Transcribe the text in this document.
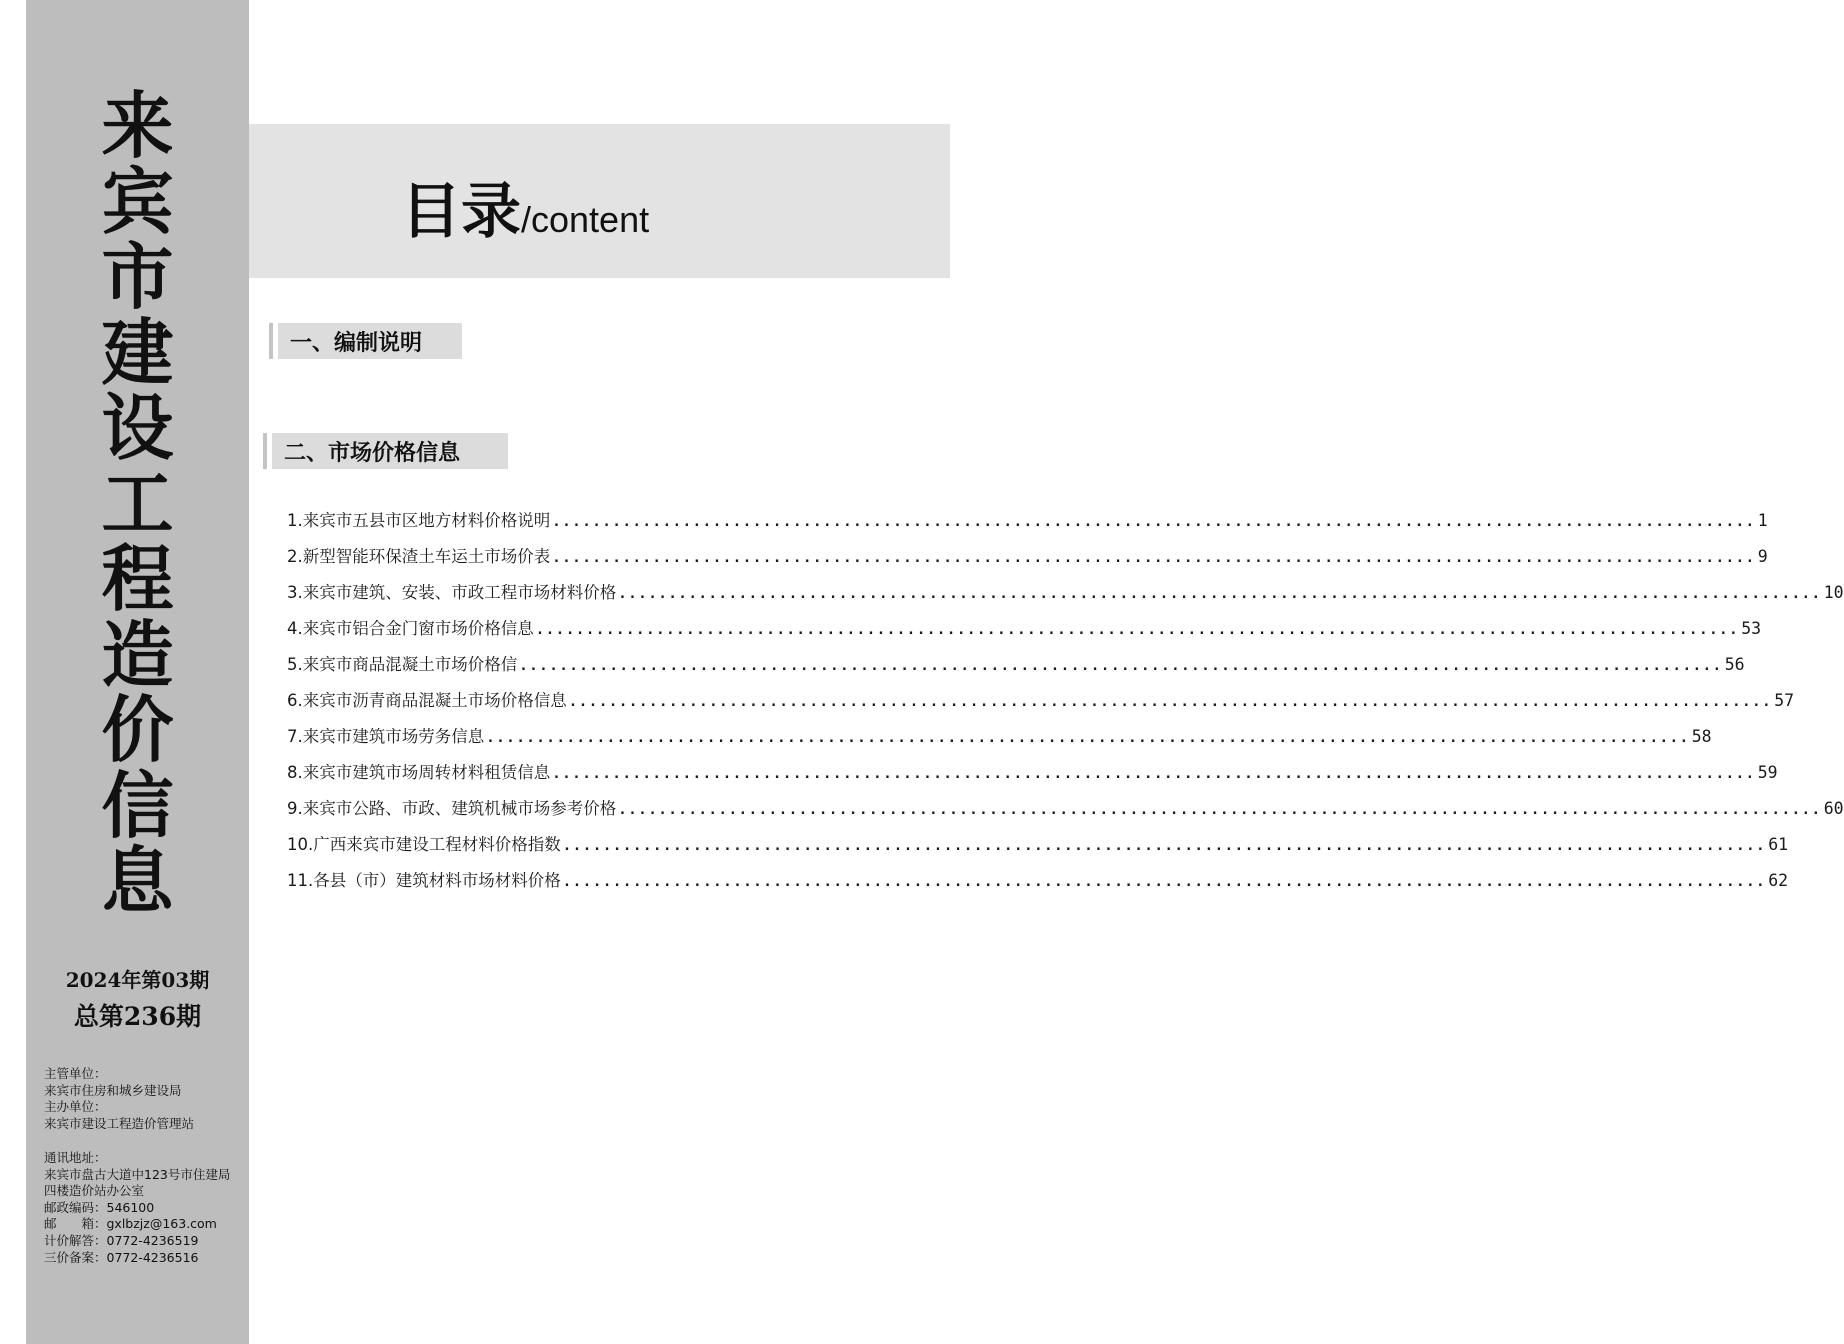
来
宾
市
建
设
工
程
造
价
信
息
2024年第03期
总第236期
主管单位：
来宾市住房和城乡建设局
主办单位：
来宾市建设工程造价管理站
通讯地址：
来宾市盘古大道中123号市住建局
四楼造价站办公室
邮政编码：546100
邮　　箱：gxlbzjz@163.com
计价解答：0772-4236519
三价备案：0772-4236516
目录/content
一、编制说明
二、市场价格信息
1.来宾市五县市区地方材料价格说明 ........................................................................................................................ 1
2.新型智能环保渣土车运土市场价表 ........................................................................................................................ 9
3.来宾市建筑、安装、市政工程市场材料价格 ........................................................................................................................ 10
4.来宾市铝合金门窗市场价格信息 ........................................................................................................................ 53
5.来宾市商品混凝土市场价格信 ........................................................................................................................ 56
6.来宾市沥青商品混凝土市场价格信息 ........................................................................................................................ 57
7.来宾市建筑市场劳务信息 ........................................................................................................................ 58
8.来宾市建筑市场周转材料租赁信息 ........................................................................................................................ 59
9.来宾市公路、市政、建筑机械市场参考价格 ........................................................................................................................ 60
10.广西来宾市建设工程材料价格指数 ........................................................................................................................ 61
11.各县（市）建筑材料市场材料价格 ........................................................................................................................ 62
